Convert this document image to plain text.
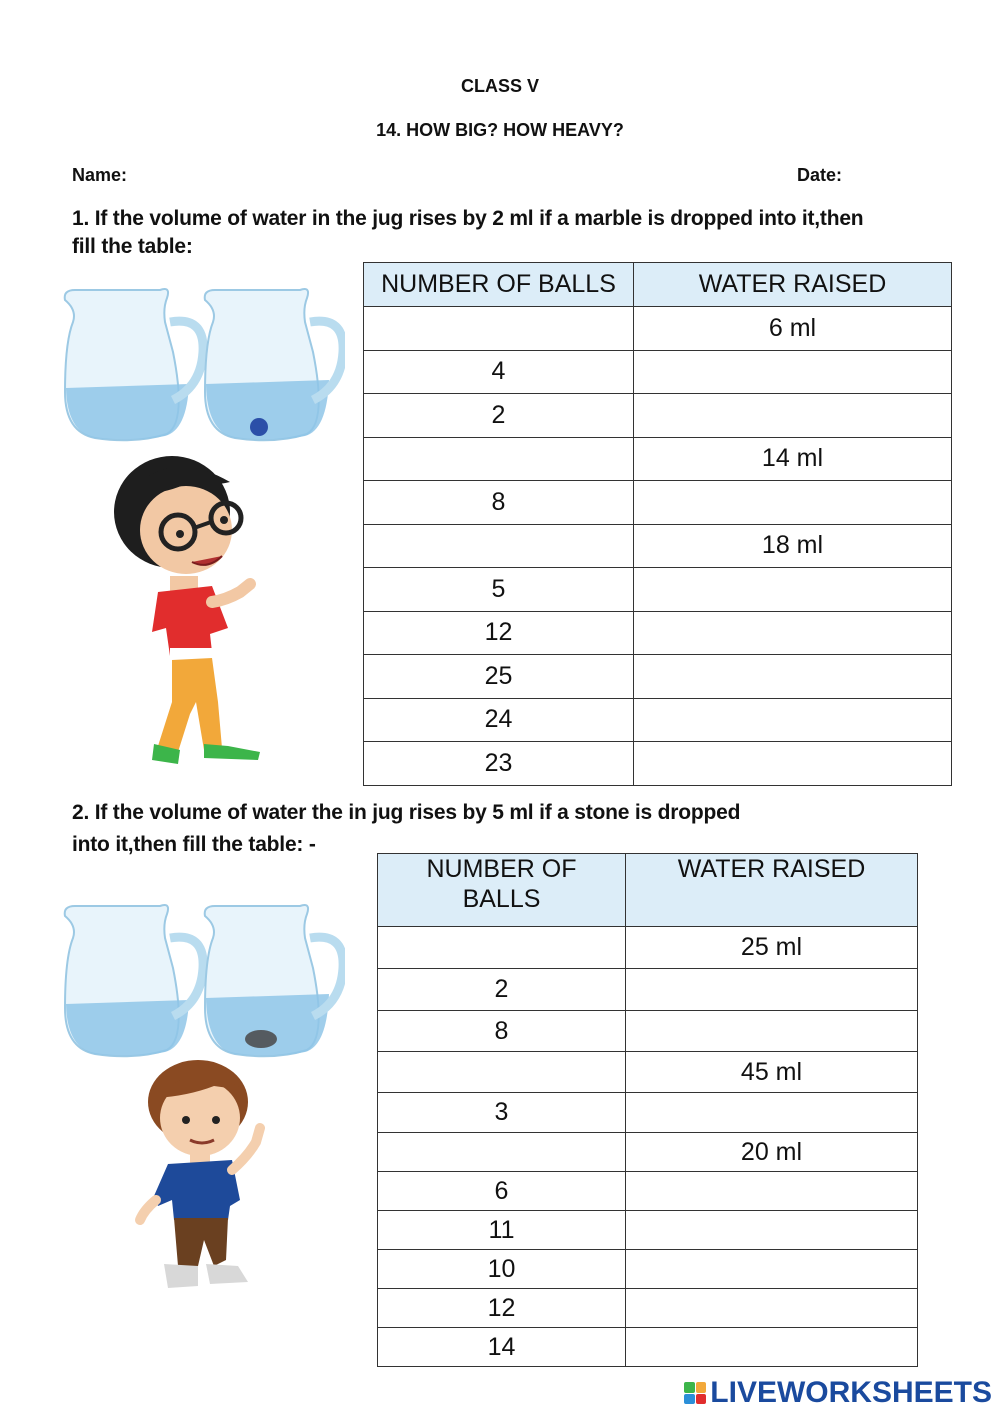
CLASS V
14. HOW BIG? HOW HEAVY?
Name:	Date:
1. If the volume of water in the jug rises by 2 ml if a marble is dropped into it,then
fill the table:
NUMBER OF BALLS	WATER RAISED
	6 ml
4	
2	
	14 ml
8	
	18 ml
5	
12	
25	
24	
23	
2. If the volume of water the in jug rises by 5 ml if a stone is dropped
into it,then fill the table: -
NUMBER OF
BALLS	WATER RAISED
	25 ml
2	
8	
	45 ml
3	
	20 ml
6	
11	
10	
12	
14	
LIVEWORKSHEETS
